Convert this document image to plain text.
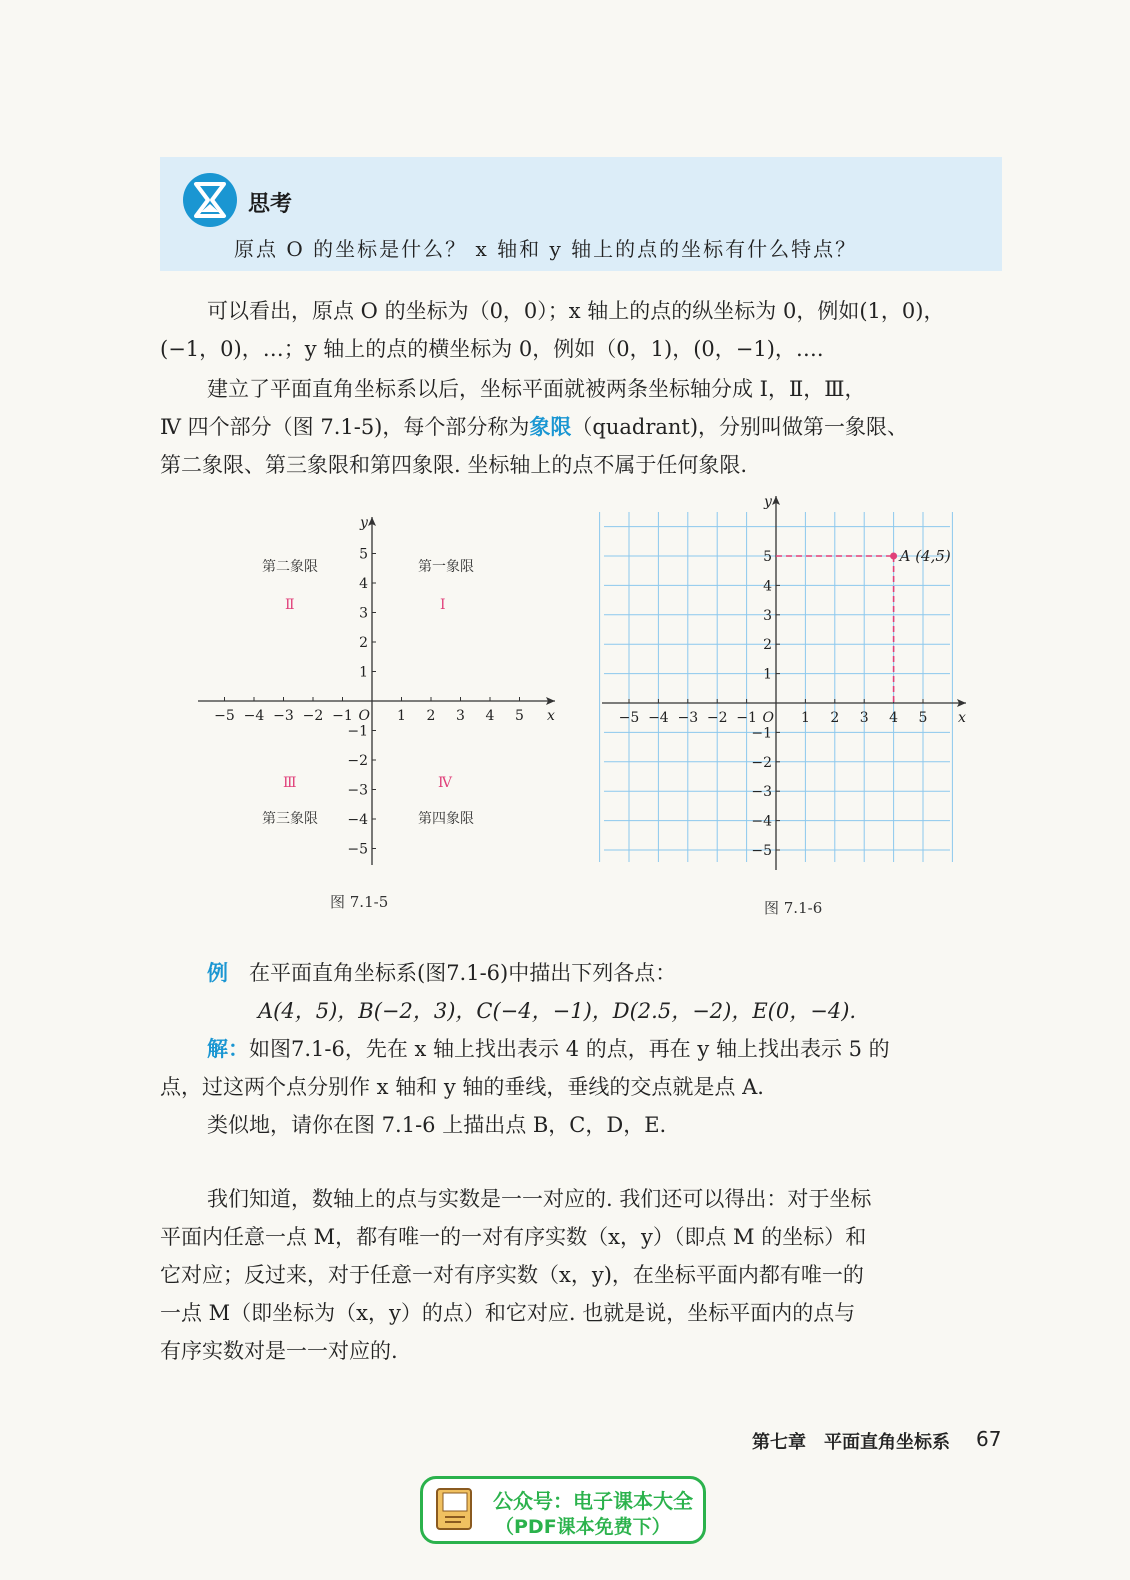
思考
原点 O 的坐标是什么？ x 轴和 y 轴上的点的坐标有什么特点？
可以看出，原点 O 的坐标为（0，0）；x 轴上的点的纵坐标为 0，例如(1，0)，
(−1，0)，…；y 轴上的点的横坐标为 0，例如（0，1)，(0，−1)，….
建立了平面直角坐标系以后，坐标平面就被两条坐标轴分成 Ⅰ，Ⅱ，Ⅲ，
Ⅳ 四个部分（图 7.1-5)，每个部分称为象限（quadrant)，分别叫做第一象限、
第二象限、第三象限和第四象限. 坐标轴上的点不属于任何象限.
−5 −4 −3 −2 −1	1 2 3 4 5
5
4
3
2
1
−1
−2
−3
−4
−5
x
y
O
第二象限	第一象限
第三象限	第四象限
Ⅱ	Ⅰ
Ⅲ	Ⅳ
图 7.1-5
−5 −4 −3 −2 −1	1 2 3 4 5
5
4
3
2
1
−1
−2
−3
−4
−5
x
y
O
A (4,5)
图 7.1-6
例　 在平面直角坐标系(图7.1-6)中描出下列各点：
A(4，5)，B(−2，3)，C(−4，−1)，D(2.5，−2)，E(0，−4).
解：如图7.1-6，先在 x 轴上找出表示 4 的点，再在 y 轴上找出表示 5 的
点，过这两个点分别作 x 轴和 y 轴的垂线，垂线的交点就是点 A.
类似地，请你在图 7.1-6 上描出点 B，C，D，E.
我们知道，数轴上的点与实数是一一对应的. 我们还可以得出：对于坐标
平面内任意一点 M，都有唯一的一对有序实数（x，y）（即点 M 的坐标）和
它对应；反过来，对于任意一对有序实数（x，y)，在坐标平面内都有唯一的
一点 M（即坐标为（x，y）的点）和它对应. 也就是说，坐标平面内的点与
有序实数对是一一对应的.
第七章　平面直角坐标系 67
公众号：电子课本大全
（PDF课本免费下）
